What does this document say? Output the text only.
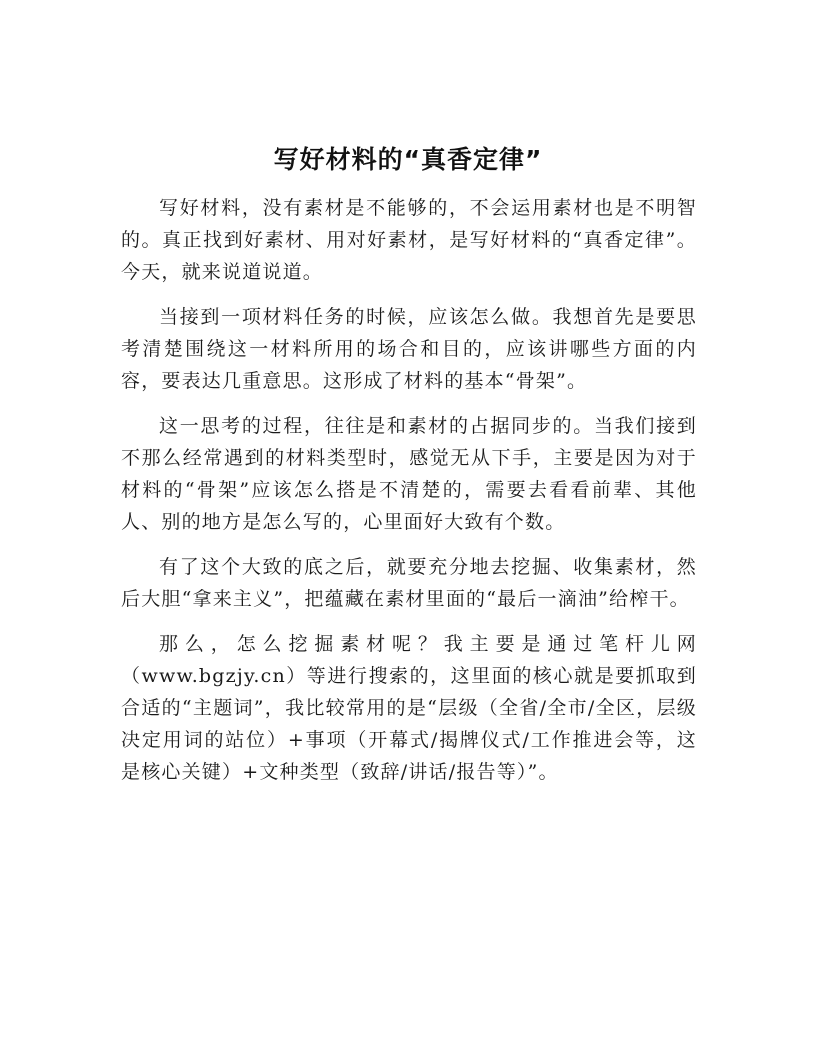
写好材料的“真香定律”

写好材料，没有素材是不能够的，不会运用素材也是不明智的。真正找到好素材、用对好素材，是写好材料的“真香定律”。今天，就来说道说道。

当接到一项材料任务的时候，应该怎么做。我想首先是要思考清楚围绕这一材料所用的场合和目的，应该讲哪些方面的内容，要表达几重意思。这形成了材料的基本“骨架”。

这一思考的过程，往往是和素材的占据同步的。当我们接到不那么经常遇到的材料类型时，感觉无从下手，主要是因为对于材料的“骨架”应该怎么搭是不清楚的，需要去看看前辈、其他人、别的地方是怎么写的，心里面好大致有个数。

有了这个大致的底之后，就要充分地去挖掘、收集素材，然后大胆“拿来主义”，把蕴藏在素材里面的“最后一滴油”给榨干。

那么，怎么挖掘素材呢？我主要是通过笔杆儿网（www.bgzjy.cn）等进行搜索的，这里面的核心就是要抓取到合适的“主题词”，我比较常用的是“层级（全省/全市/全区，层级决定用词的站位）+事项（开幕式/揭牌仪式/工作推进会等，这是核心关键）+文种类型（致辞/讲话/报告等）”。
